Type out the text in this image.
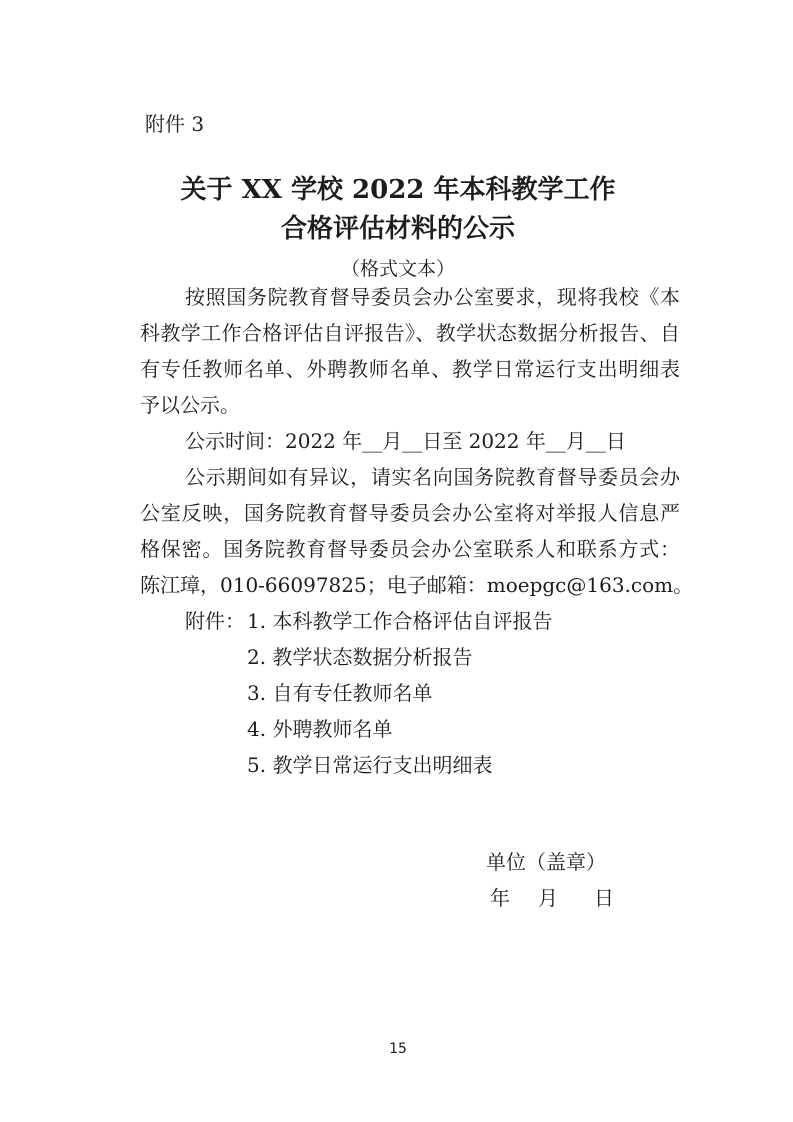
附件 3
关于 XX 学校 2022 年本科教学工作
合格评估材料的公示
（格式文本）
按照国务院教育督导委员会办公室要求，现将我校《本
科教学工作合格评估自评报告》、教学状态数据分析报告、自
有专任教师名单、外聘教师名单、教学日常运行支出明细表
予以公示。
公示时间：2022 年__月__日至 2022 年__月__日
公示期间如有异议，请实名向国务院教育督导委员会办
公室反映，国务院教育督导委员会办公室将对举报人信息严
格保密。国务院教育督导委员会办公室联系人和联系方式：
陈江璋，010-66097825；电子邮箱：moepgc@163.com。
附件： 1. 本科教学工作合格评估自评报告
2. 教学状态数据分析报告
3. 自有专任教师名单
4. 外聘教师名单
5. 教学日常运行支出明细表
单位（盖章）
年 月 日
15
